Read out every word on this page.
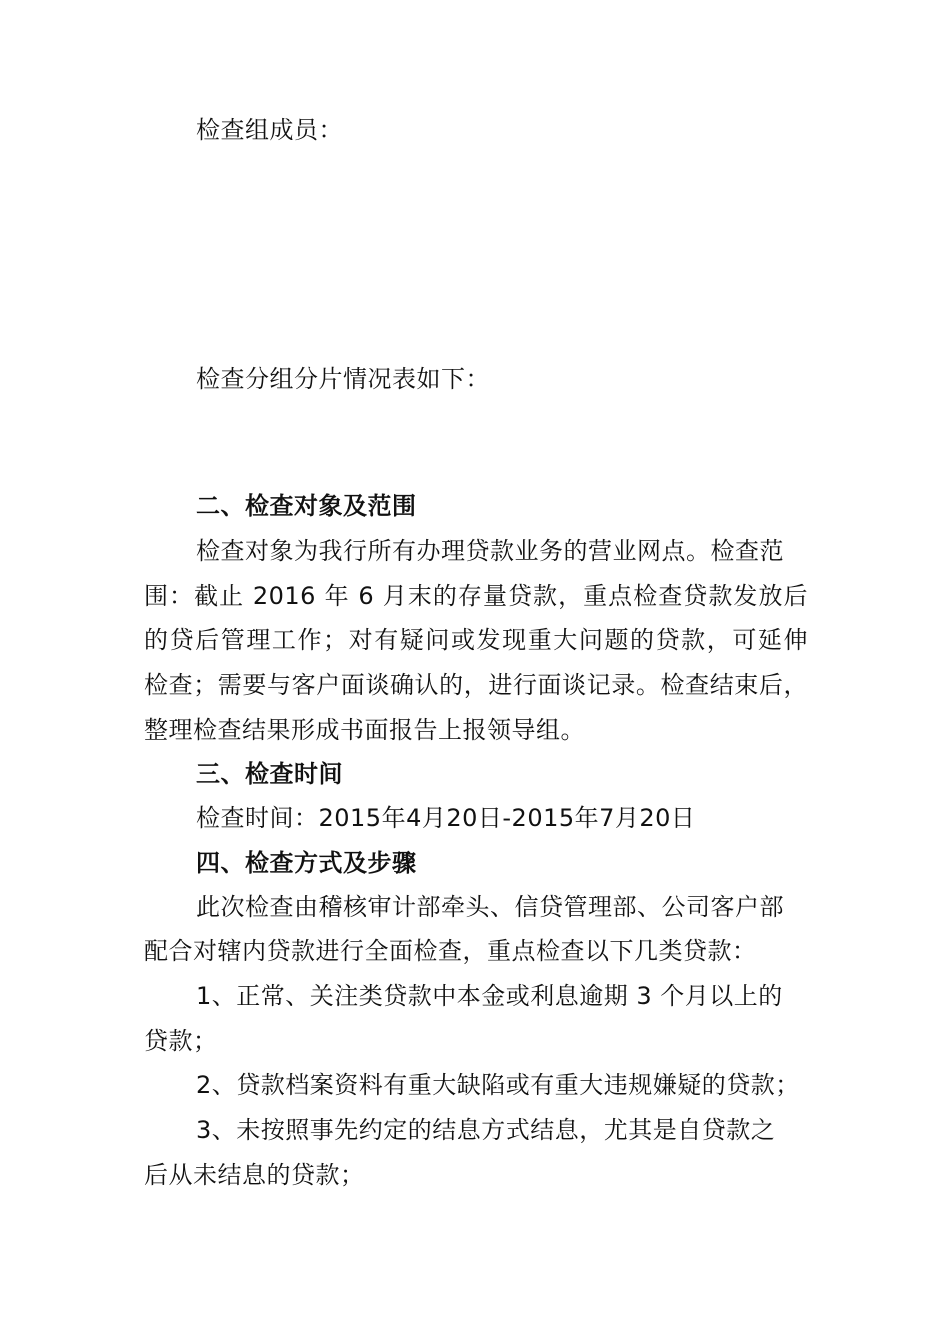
检查组成员：

检查分组分片情况表如下：

二、检查对象及范围

检查对象为我行所有办理贷款业务的营业网点。检查范

围：截止 2016 年 6 月末的存量贷款，重点检查贷款发放后

的贷后管理工作；对有疑问或发现重大问题的贷款，可延伸

检查；需要与客户面谈确认的，进行面谈记录。检查结束后，

整理检查结果形成书面报告上报领导组。

三、检查时间

检查时间：2015年4月20日-2015年7月20日

四、检查方式及步骤

此次检查由稽核审计部牵头、信贷管理部、公司客户部

配合对辖内贷款进行全面检查，重点检查以下几类贷款：

1、正常、关注类贷款中本金或利息逾期 3 个月以上的

贷款；

2、贷款档案资料有重大缺陷或有重大违规嫌疑的贷款；

3、未按照事先约定的结息方式结息，尤其是自贷款之

后从未结息的贷款；
